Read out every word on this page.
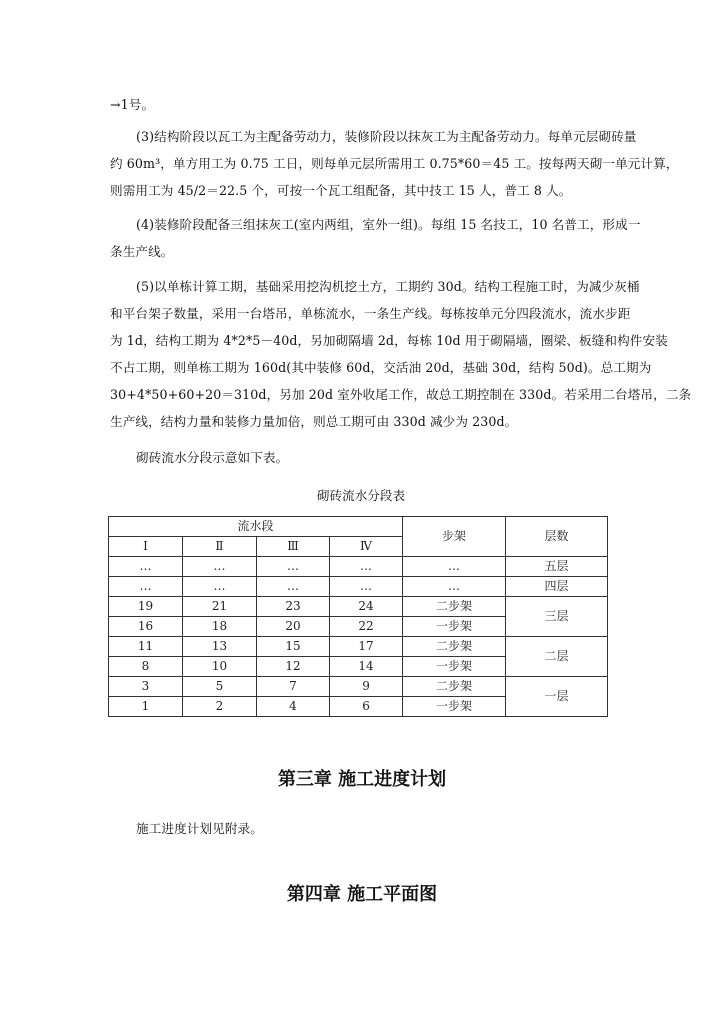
→1号。
(3)结构阶段以瓦工为主配备劳动力，装修阶段以抹灰工为主配备劳动力。每单元层砌砖量
约 60m³，单方用工为 0.75 工日，则每单元层所需用工 0.75*60＝45 工。按每两天砌一单元计算，
则需用工为 45/2＝22.5 个，可按一个瓦工组配备，其中技工 15 人，普工 8 人。
(4)装修阶段配备三组抹灰工(室内两组，室外一组)。每组 15 名技工，10 名普工，形成一
条生产线。
(5)以单栋计算工期，基础采用挖沟机挖土方，工期约 30d。结构工程施工时，为减少灰桶
和平台架子数量，采用一台塔吊，单栋流水，一条生产线。每栋按单元分四段流水，流水步距
为 1d，结构工期为 4*2*5－40d，另加砌隔墙 2d，每栋 10d 用于砌隔墙，圈梁、板缝和构件安装
不占工期，则单栋工期为 160d(其中装修 60d，交活油 20d，基础 30d，结构 50d)。总工期为
30+4*50+60+20＝310d，另加 20d 室外收尾工作，故总工期控制在 330d。若采用二台塔吊，二条
生产线，结构力量和装修力量加倍，则总工期可由 330d 减少为 230d。
砌砖流水分段示意如下表。
砌砖流水分段表
流水段				步架	层数
Ⅰ	Ⅱ	Ⅲ	Ⅳ		
…	…	…	…	…	五层
…	…	…	…	…	四层
19	21	23	24	二步架	三层
16	18	20	22	一步架	
11	13	15	17	二步架	二层
8	10	12	14	一步架	
3	5	7	9	二步架	一层
1	2	4	6	一步架	
第三章 施工进度计划
施工进度计划见附录。
第四章 施工平面图
